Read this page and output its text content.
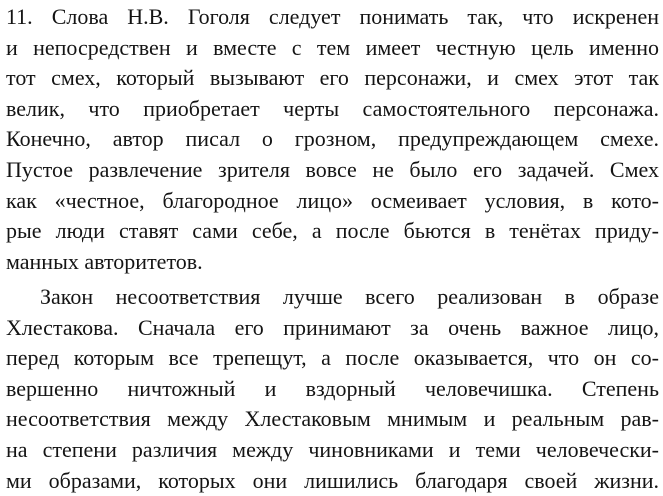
11. Слова Н.В. Гоголя следует понимать так, что искренен
и непосредствен и вместе с тем имеет честную цель именно
тот смех, который вызывают его персонажи, и смех этот так
велик, что приобретает черты самостоятельного персонажа.
Конечно, автор писал о грозном, предупреждающем смехе.
Пустое развлечение зрителя вовсе не было его задачей. Смех
как «честное, благородное лицо» осмеивает условия, в кото-
рые люди ставят сами себе, а после бьются в тенётах приду-
манных авторитетов.
Закон несоответствия лучше всего реализован в образе
Хлестакова. Сначала его принимают за очень важное лицо,
перед которым все трепещут, а после оказывается, что он со-
вершенно ничтожный и вздорный человечишка. Степень
несоответствия между Хлестаковым мнимым и реальным рав-
на степени различия между чиновниками и теми человечески-
ми образами, которых они лишились благодаря своей жизни.
